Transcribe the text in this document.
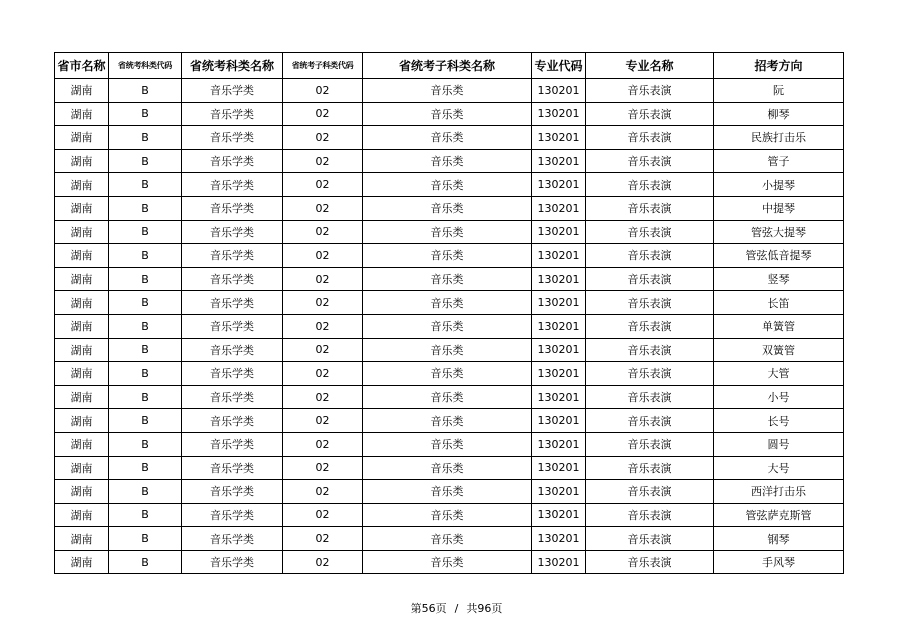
省市名称	省统考科类代码	省统考科类名称	省统考子科类代码	省统考子科类名称	专业代码	专业名称	招考方向
湖南	B	音乐学类	02	音乐类	130201	音乐表演	阮
湖南	B	音乐学类	02	音乐类	130201	音乐表演	柳琴
湖南	B	音乐学类	02	音乐类	130201	音乐表演	民族打击乐
湖南	B	音乐学类	02	音乐类	130201	音乐表演	管子
湖南	B	音乐学类	02	音乐类	130201	音乐表演	小提琴
湖南	B	音乐学类	02	音乐类	130201	音乐表演	中提琴
湖南	B	音乐学类	02	音乐类	130201	音乐表演	管弦大提琴
湖南	B	音乐学类	02	音乐类	130201	音乐表演	管弦低音提琴
湖南	B	音乐学类	02	音乐类	130201	音乐表演	竖琴
湖南	B	音乐学类	02	音乐类	130201	音乐表演	长笛
湖南	B	音乐学类	02	音乐类	130201	音乐表演	单簧管
湖南	B	音乐学类	02	音乐类	130201	音乐表演	双簧管
湖南	B	音乐学类	02	音乐类	130201	音乐表演	大管
湖南	B	音乐学类	02	音乐类	130201	音乐表演	小号
湖南	B	音乐学类	02	音乐类	130201	音乐表演	长号
湖南	B	音乐学类	02	音乐类	130201	音乐表演	圆号
湖南	B	音乐学类	02	音乐类	130201	音乐表演	大号
湖南	B	音乐学类	02	音乐类	130201	音乐表演	西洋打击乐
湖南	B	音乐学类	02	音乐类	130201	音乐表演	管弦萨克斯管
湖南	B	音乐学类	02	音乐类	130201	音乐表演	钢琴
湖南	B	音乐学类	02	音乐类	130201	音乐表演	手风琴
第56页 / 共96页
